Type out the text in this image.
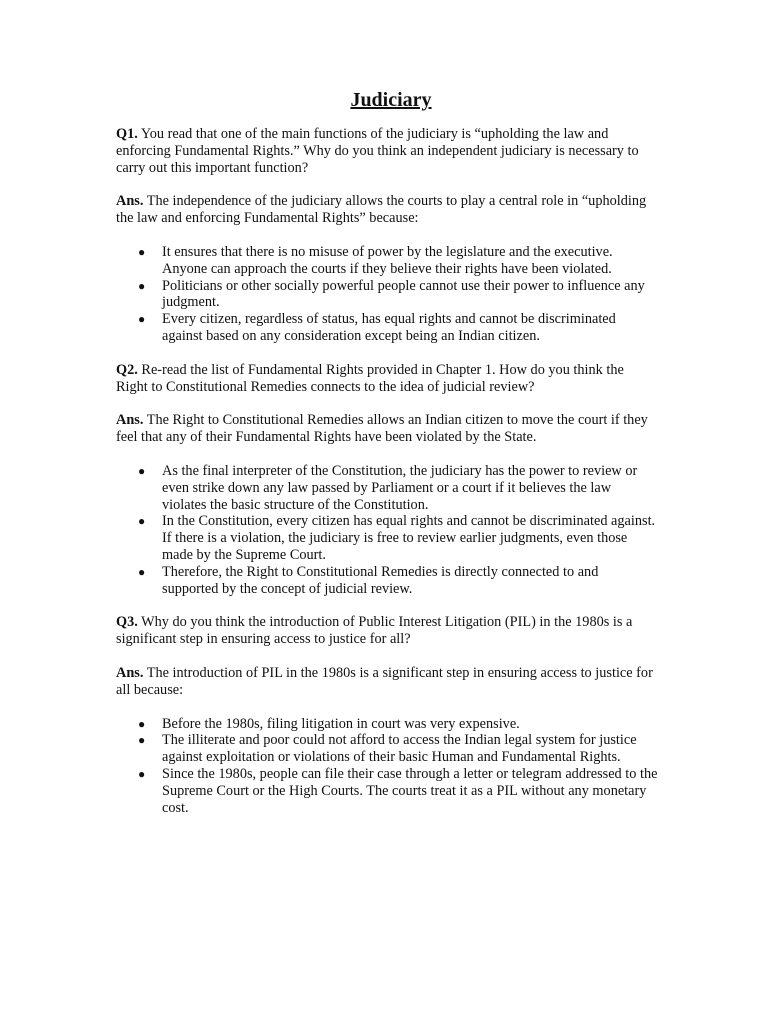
Judiciary

Q1. You read that one of the main functions of the judiciary is “upholding the law and enforcing Fundamental Rights.” Why do you think an independent judiciary is necessary to carry out this important function?

Ans. The independence of the judiciary allows the courts to play a central role in “upholding the law and enforcing Fundamental Rights” because:

● It ensures that there is no misuse of power by the legislature and the executive. Anyone can approach the courts if they believe their rights have been violated.
● Politicians or other socially powerful people cannot use their power to influence any judgment.
● Every citizen, regardless of status, has equal rights and cannot be discriminated against based on any consideration except being an Indian citizen.

Q2. Re-read the list of Fundamental Rights provided in Chapter 1. How do you think the Right to Constitutional Remedies connects to the idea of judicial review?

Ans. The Right to Constitutional Remedies allows an Indian citizen to move the court if they feel that any of their Fundamental Rights have been violated by the State.

● As the final interpreter of the Constitution, the judiciary has the power to review or even strike down any law passed by Parliament or a court if it believes the law violates the basic structure of the Constitution.
● In the Constitution, every citizen has equal rights and cannot be discriminated against. If there is a violation, the judiciary is free to review earlier judgments, even those made by the Supreme Court.
● Therefore, the Right to Constitutional Remedies is directly connected to and supported by the concept of judicial review.

Q3. Why do you think the introduction of Public Interest Litigation (PIL) in the 1980s is a significant step in ensuring access to justice for all?

Ans. The introduction of PIL in the 1980s is a significant step in ensuring access to justice for all because:

● Before the 1980s, filing litigation in court was very expensive.
● The illiterate and poor could not afford to access the Indian legal system for justice against exploitation or violations of their basic Human and Fundamental Rights.
● Since the 1980s, people can file their case through a letter or telegram addressed to the Supreme Court or the High Courts. The courts treat it as a PIL without any monetary cost.
